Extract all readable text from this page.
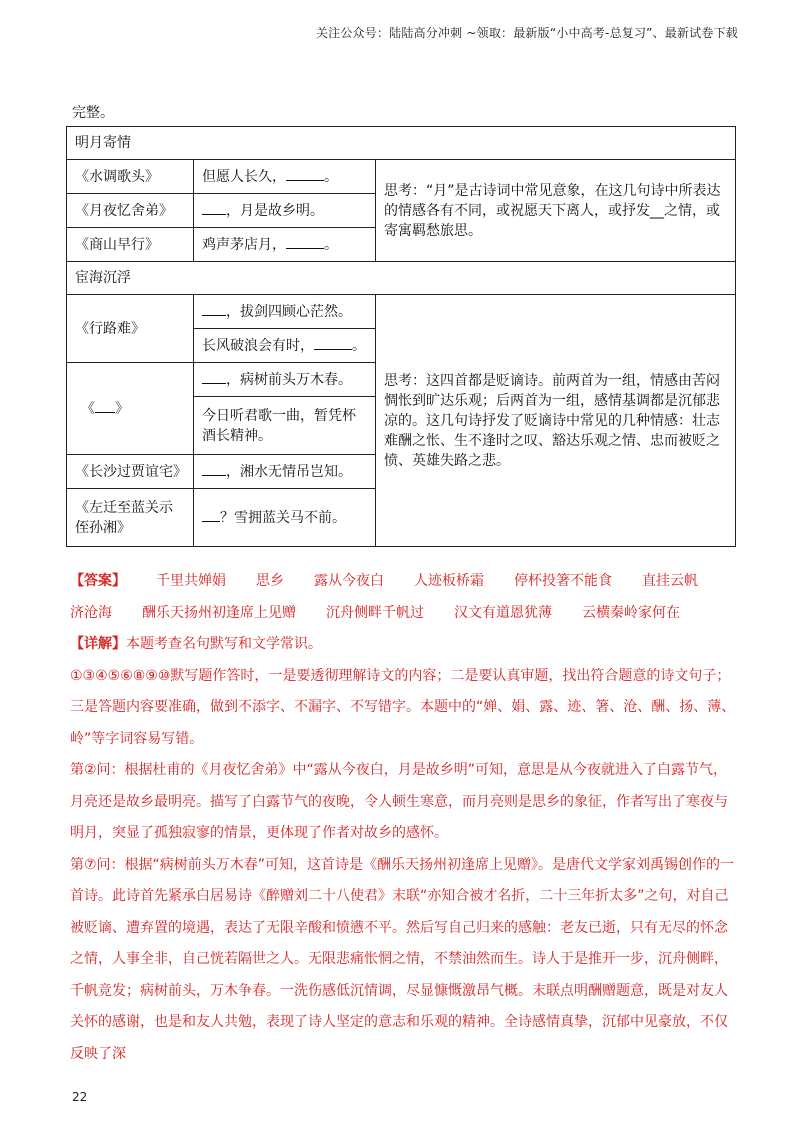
关注公众号：陆陆高分冲刺 ~领取：最新版“小中高考-总复习”、最新试卷下载
完整。
明月寄情		
《水调歌头》	但愿人长久， 。	思考：“月”是古诗词中常见意象，在这几句诗中所表达的情感各有不同，或祝愿天下离人，或抒发__之情，或寄寓羁愁旅思。
《月夜忆舍弟》	，月是故乡明。	
《商山早行》	鸡声茅店月， 。	
宦海沉浮		
《行路难》	，拔剑四顾心茫然。	思考：这四首都是贬谪诗。前两首为一组，情感由苦闷惆怅到旷达乐观；后两首为一组，感情基调都是沉郁悲凉的。这几句诗抒发了贬谪诗中常见的几种情感：壮志难酬之怅、生不逢时之叹、豁达乐观之情、忠而被贬之愤、英雄失路之悲。
	长风破浪会有时， 。	
《 》	，病树前头万木春。	
	今日听君歌一曲，暂凭杯酒长精神。	
《长沙过贾谊宅》	，湘水无情吊岂知。	
《左迁至蓝关示侄孙湘》	？雪拥蓝关马不前。	

【答案】 千里共婵娟 思乡 露从今夜白 人迹板桥霜 停杯投箸不能食 直挂云帆

济沧海 酬乐天扬州初逢席上见赠 沉舟侧畔千帆过 汉文有道恩犹薄 云横秦岭家何在

【详解】本题考查名句默写和文学常识。

①③④⑤⑥⑧⑨⑩默写题作答时，一是要透彻理解诗文的内容；二是要认真审题，找出符合题意的诗文句子；三是答题内容要准确，做到不添字、不漏字、不写错字。本题中的“婵、娟、露、迹、箸、沧、酬、扬、薄、岭”等字词容易写错。

第②问：根据杜甫的《月夜忆舍弟》中“露从今夜白，月是故乡明”可知，意思是从今夜就进入了白露节气，月亮还是故乡最明亮。描写了白露节气的夜晚，令人顿生寒意，而月亮则是思乡的象征，作者写出了寒夜与明月，突显了孤独寂寥的情景，更体现了作者对故乡的感怀。

第⑦问：根据“病树前头万木春”可知，这首诗是《酬乐天扬州初逢席上见赠》。是唐代文学家刘禹锡创作的一首诗。此诗首先紧承白居易诗《醉赠刘二十八使君》末联“亦知合被才名折，二十三年折太多”之句，对自己被贬谪、遭弃置的境遇，表达了无限辛酸和愤懑不平。然后写自己归来的感触：老友已逝，只有无尽的怀念之情，人事全非，自己恍若隔世之人。无限悲痛怅惘之情，不禁油然而生。诗人于是推开一步，沉舟侧畔，千帆竞发；病树前头，万木争春。一洗伤感低沉情调，尽显慷慨激昂气概。末联点明酬赠题意，既是对友人关怀的感谢，也是和友人共勉，表现了诗人坚定的意志和乐观的精神。全诗感情真挚，沉郁中见豪放，不仅反映了深

22
